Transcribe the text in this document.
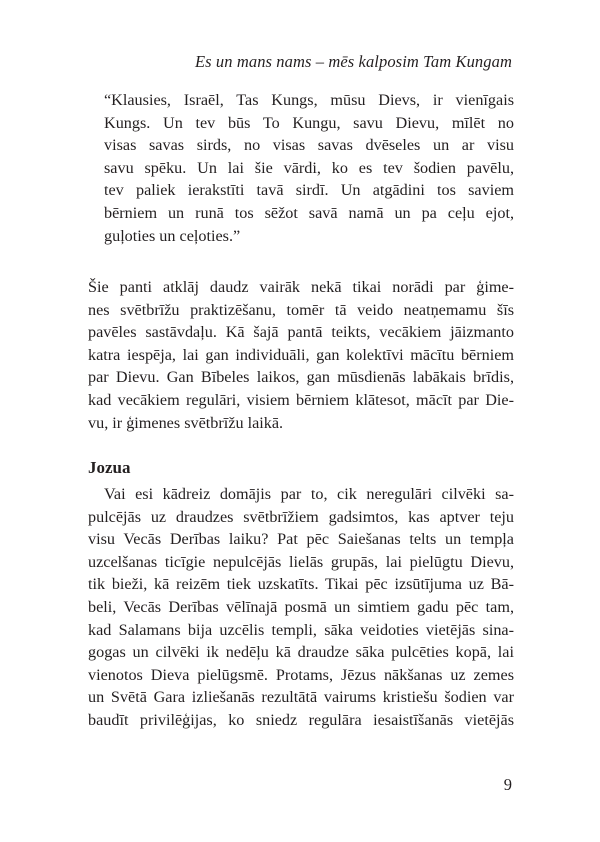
Es un mans nams – mēs kalposim Tam Kungam
“Klausies, Israēl, Tas Kungs, mūsu Dievs, ir vienīgais
Kungs. Un tev būs To Kungu, savu Dievu, mīlēt no
visas savas sirds, no visas savas dvēseles un ar visu
savu spēku. Un lai šie vārdi, ko es tev šodien pavēlu,
tev paliek ierakstīti tavā sirdī. Un atgādini tos saviem
bērniem un runā tos sēžot savā namā un pa ceļu ejot,
guļoties un ceļoties.”
Šie panti atklāj daudz vairāk nekā tikai norādi par ģime-
nes svētbrīžu praktizēšanu, tomēr tā veido neatņemamu šīs
pavēles sastāvdaļu. Kā šajā pantā teikts, vecākiem jāizmanto
katra iespēja, lai gan individuāli, gan kolektīvi mācītu bērniem
par Dievu. Gan Bībeles laikos, gan mūsdienās labākais brīdis,
kad vecākiem regulāri, visiem bērniem klātesot, mācīt par Die-
vu, ir ģimenes svētbrīžu laikā.
Jozua
Vai esi kādreiz domājis par to, cik neregulāri cilvēki sa-
pulcējās uz draudzes svētbrīžiem gadsimtos, kas aptver teju
visu Vecās Derības laiku? Pat pēc Saiešanas telts un tempļa
uzcelšanas ticīgie nepulcējās lielās grupās, lai pielūgtu Dievu,
tik bieži, kā reizēm tiek uzskatīts. Tikai pēc izsūtījuma uz Bā-
beli, Vecās Derības vēlīnajā posmā un simtiem gadu pēc tam,
kad Salamans bija uzcēlis templi, sāka veidoties vietējās sina-
gogas un cilvēki ik nedēļu kā draudze sāka pulcēties kopā, lai
vienotos Dieva pielūgsmē. Protams, Jēzus nākšanas uz zemes
un Svētā Gara izliešanās rezultātā vairums kristiešu šodien var
baudīt privilēģijas, ko sniedz regulāra iesaistīšanās vietējās
9
